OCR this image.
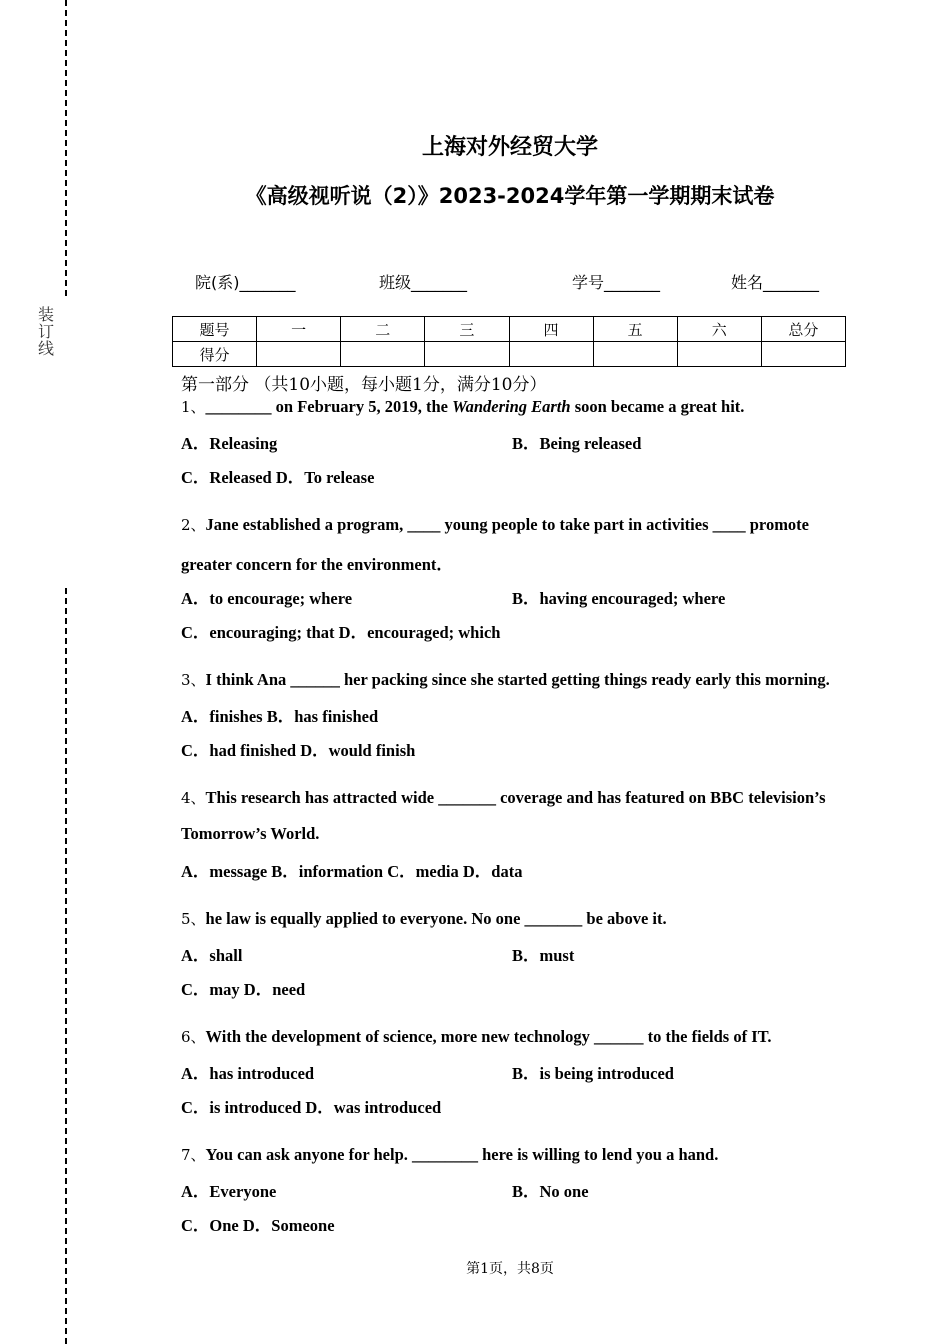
装订线
上海对外经贸大学
《高级视听说（2）》2023-2024学年第一学期期末试卷
院(系)_______	班级_______	学号_______	姓名_______
题号	一	二	三	四	五	六	总分
得分							
第一部分 （共10小题，每小题1分，满分10分）
1、________ on February 5, 2019, the Wandering Earth soon became a great hit.
A．Releasing	B．Being released
C．Released D．To release
2、Jane established a program, ____ young people to take part in activities ____ promote
greater concern for the environment．
A．to encourage; where	B．having encouraged; where
C．encouraging; that D．encouraged; which
3、I think Ana ______ her packing since she started getting things ready early this morning.
A．finishes B．has finished
C．had finished D．would finish
4、This research has attracted wide _______ coverage and has featured on BBC television’s
Tomorrow’s World.
A．message B．information C．media D．data
5、he law is equally applied to everyone. No one _______ be above it.
A．shall	B．must
C．may D．need
6、With the development of science, more new technology ______ to the fields of IT.
A．has introduced	B．is being introduced
C．is introduced D．was introduced
7、You can ask anyone for help. ________ here is willing to lend you a hand.
A．Everyone	B．No one
C．One D．Someone
第1页，共8页
